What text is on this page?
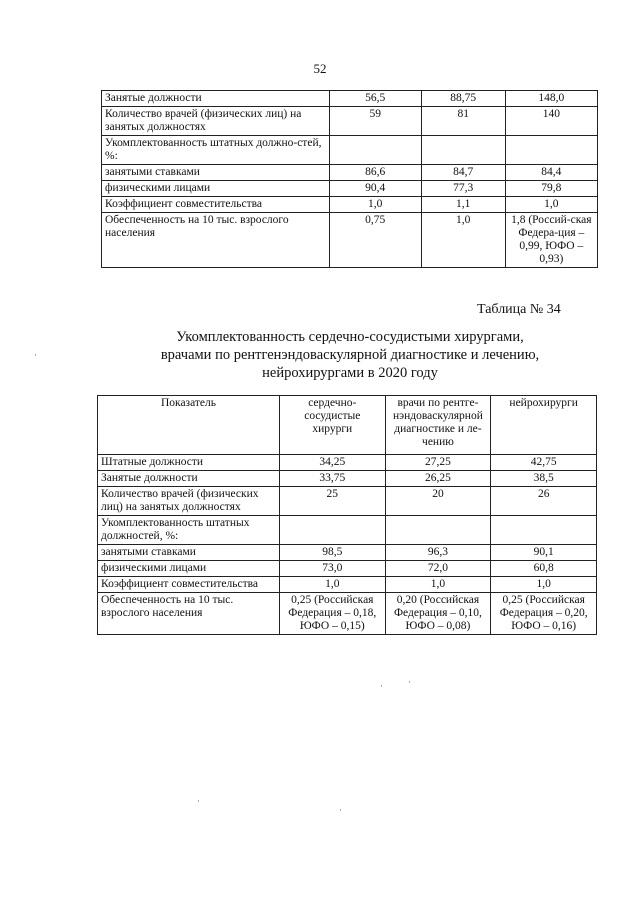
52
Занятые должности	56,5	88,75	148,0
Количество врачей (физических лиц) на занятых должностях	59	81	140
Укомплектованность штатных должно-стей, %:			
занятыми ставками	86,6	84,7	84,4
физическими лицами	90,4	77,3	79,8
Коэффициент совместительства	1,0	1,1	1,0
Обеспеченность на 10 тыс. взрослого населения	0,75	1,0	1,8 (Россий-ская Федера-ция – 0,99, ЮФО – 0,93)
Таблица № 34
Укомплектованность сердечно-сосудистыми хирургами,
врачами по рентгенэндоваскулярной диагностике и лечению,
нейрохирургами в 2020 году
Показатель	сердечно-сосудистые хирурги	врачи по рентге-нэндоваскулярной диагностике и ле-чению	нейрохирурги
Штатные должности	34,25	27,25	42,75
Занятые должности	33,75	26,25	38,5
Количество врачей (физических лиц) на занятых должностях	25	20	26
Укомплектованность штатных должностей, %:			
занятыми ставками	98,5	96,3	90,1
физическими лицами	73,0	72,0	60,8
Коэффициент совместительства	1,0	1,0	1,0
Обеспеченность на 10 тыс. взрослого населения	0,25 (Российская Федерация – 0,18, ЮФО – 0,15)	0,20 (Российская Федерация – 0,10, ЮФО – 0,08)	0,25 (Российская Федерация – 0,20, ЮФО – 0,16)
·
·
·
·
·
